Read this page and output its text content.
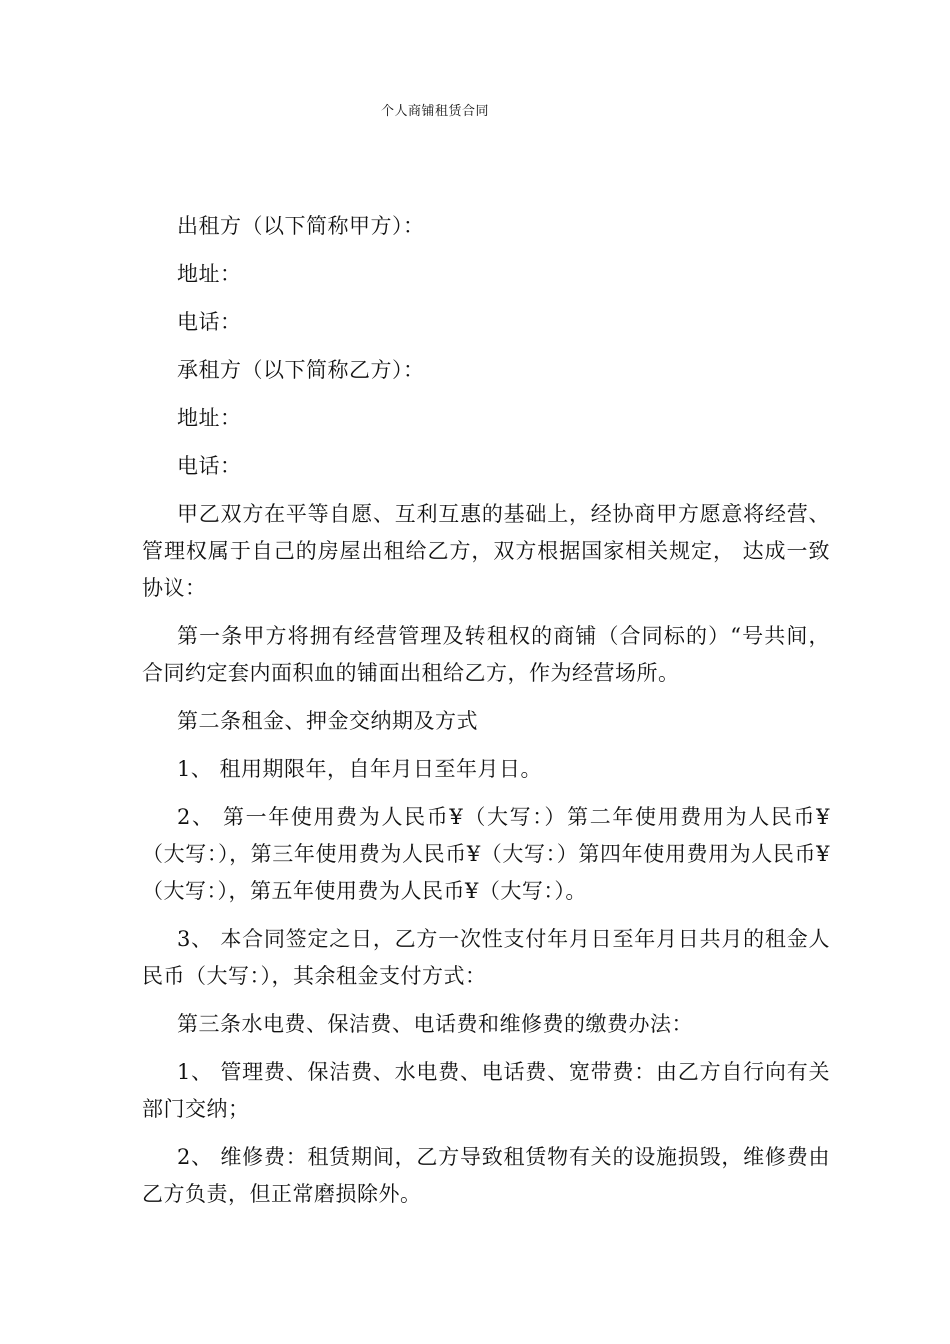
个人商铺租赁合同

出租方（以下简称甲方）：

地址：

电话：

承租方（以下简称乙方）：

地址：

电话：

甲乙双方在平等自愿、互利互惠的基础上，经协商甲方愿意将经营、管理权属于自己的房屋出租给乙方，双方根据国家相关规定， 达成一致协议：

第一条甲方将拥有经营管理及转租权的商铺（合同标的）“号共间， 合同约定套内面积血的铺面出租给乙方，作为经营场所。

第二条租金、押金交纳期及方式

1、 租用期限年，自年月日至年月日。

2、 第一年使用费为人民币¥（大写：）第二年使用费用为人民币¥（大写：），第三年使用费为人民币¥（大写：）第四年使用费用为人民币¥（大写：），第五年使用费为人民币¥（大写：）。

3、 本合同签定之日，乙方一次性支付年月日至年月日共月的租金人民币（大写：），其余租金支付方式：

第三条水电费、保洁费、电话费和维修费的缴费办法：

1、 管理费、保洁费、水电费、电话费、宽带费：由乙方自行向有关部门交纳；

2、 维修费：租赁期间，乙方导致租赁物有关的设施损毁，维修费由乙方负责，但正常磨损除外。
